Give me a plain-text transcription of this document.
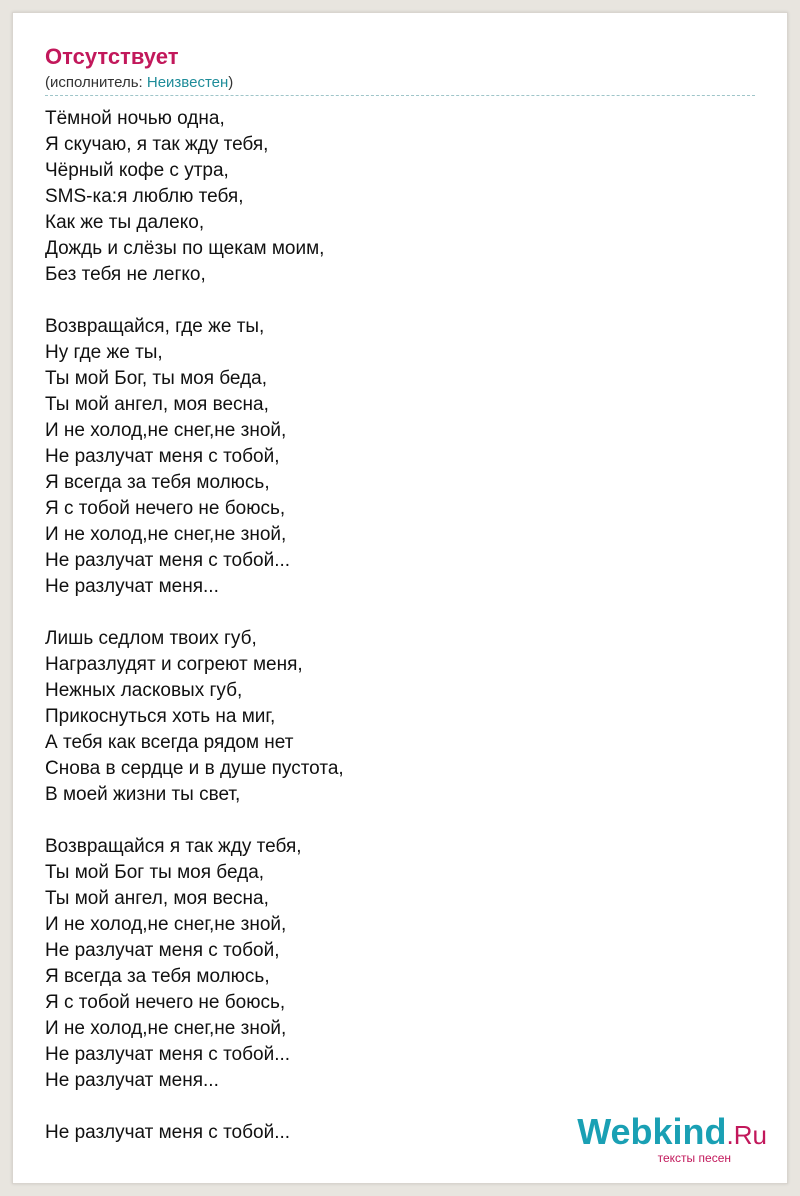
Отсутствует
(исполнитель: Неизвестен)
Тёмной ночью одна,
Я скучаю, я так жду тебя,
Чёрный кофе с утра,
SMS-ка:я люблю тебя,
Как же ты далеко,
Дождь и слёзы по щекам моим,
Без тебя не легко,
Возвращайся, где же ты,
Ну где же ты,
Ты мой Бог, ты моя беда,
Ты мой ангел, моя весна,
И не холод,не снег,не зной,
Не разлучат меня с тобой,
Я всегда за тебя молюсь,
Я с тобой нечего не боюсь,
И не холод,не снег,не зной,
Не разлучат меня с тобой...
Не разлучат меня...
Лишь седлом твоих губ,
Награзлудят и согреют меня,
Нежных ласковых губ,
Прикоснуться хоть на миг,
А тебя как всегда рядом нет
Снова в сердце и в душе пустота,
В моей жизни ты свет,
Возвращайся я так жду тебя,
Ты мой Бог ты моя беда,
Ты мой ангел, моя весна,
И не холод,не снег,не зной,
Не разлучат меня с тобой,
Я всегда за тебя молюсь,
Я с тобой нечего не боюсь,
И не холод,не снег,не зной,
Не разлучат меня с тобой...
Не разлучат меня...
Не разлучат меня с тобой...	Webkind.Ru
тексты песен
